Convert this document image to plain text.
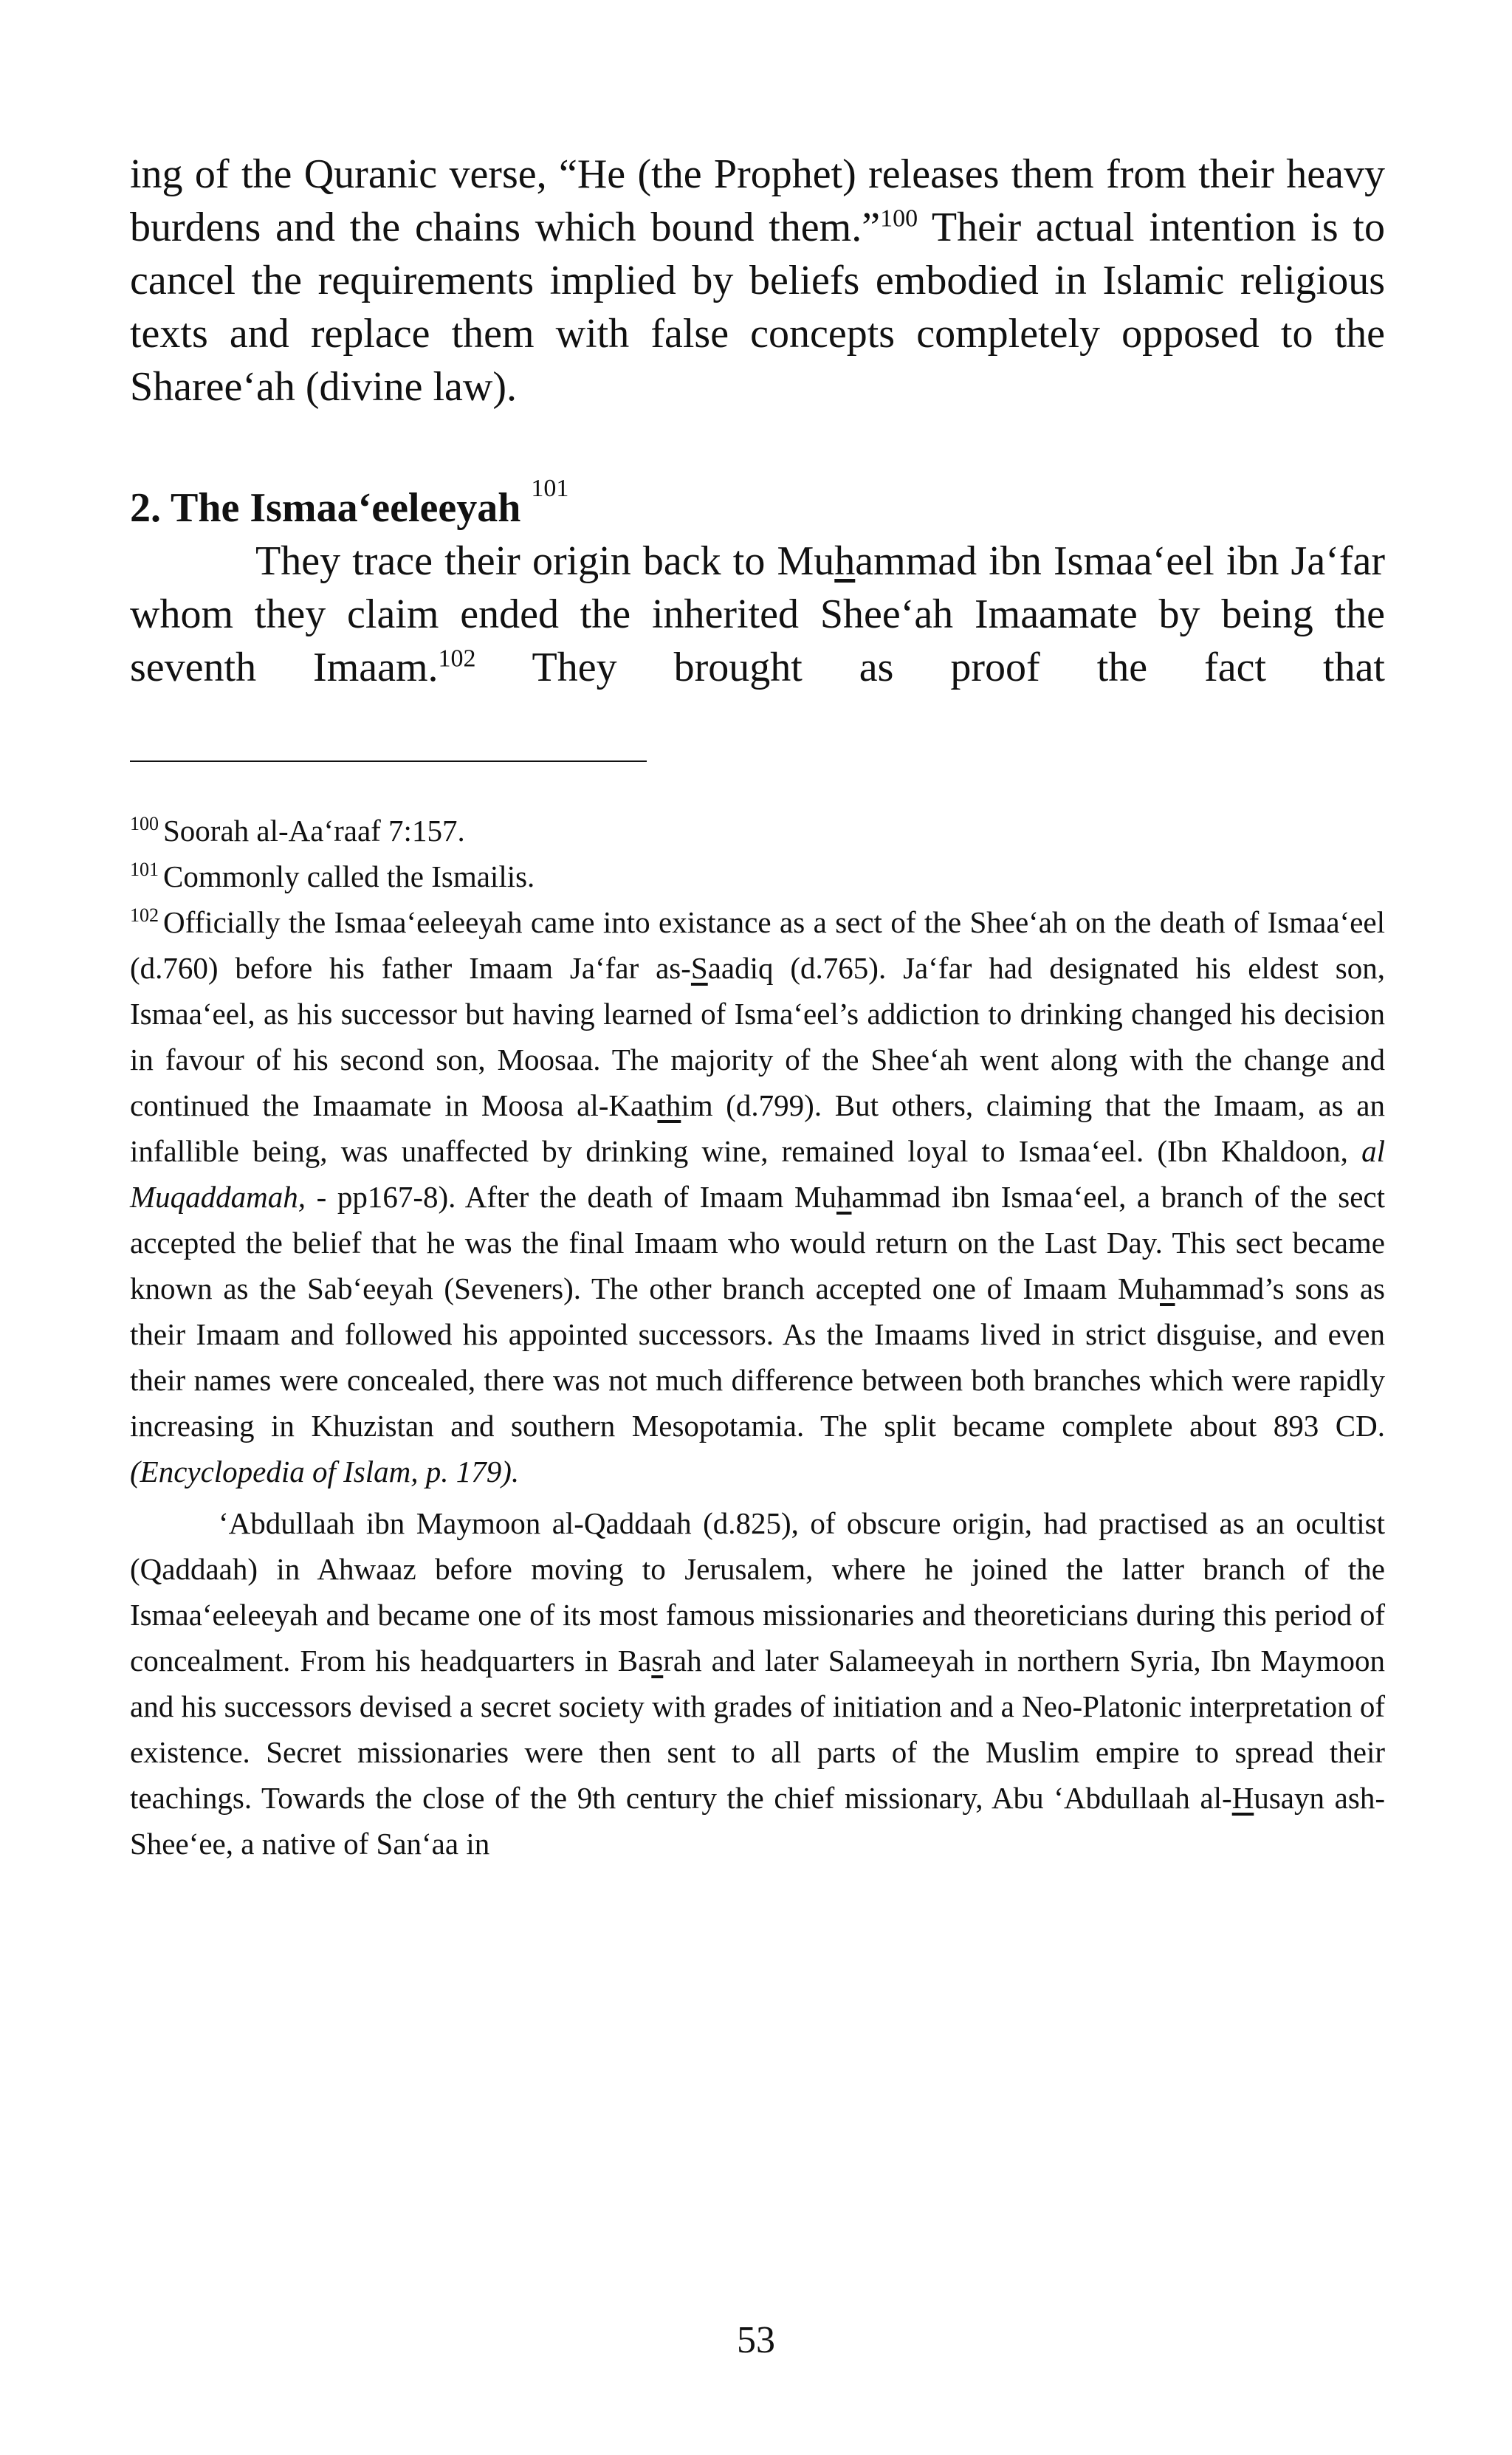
ing of the Quranic verse, “He (the Prophet) releases them from their heavy burdens and the chains which bound them.”$^{100}$ Their actual intention is to cancel the requirements implied by beliefs embodied in Islamic religious texts and replace them with false concepts completely opposed to the Sharee‘ah (divine law).

2. The Ismaa‘eeleeyah $^{101}$

They trace their origin back to Muhammad ibn Ismaa‘eel ibn Ja‘far whom they claim ended the inherited Shee‘ah Imaamate by being the seventh Imaam.$^{102}$ They brought as proof the fact that

$^{100}$ Soorah al-Aa‘raaf 7:157.

$^{101}$ Commonly called the Ismailis.

$^{102}$ Officially the Ismaa‘eeleeyah came into existance as a sect of the Shee‘ah on the death of Ismaa‘eel (d.760) before his father Imaam Ja‘far as-Saadiq (d.765). Ja‘far had designated his eldest son, Ismaa‘eel, as his successor but having learned of Isma‘eel’s addiction to drinking changed his decision in favour of his second son, Moosaa. The majority of the Shee‘ah went along with the change and continued the Imaamate in Moosa al-Kaathim (d.799). But others, claiming that the Imaam, as an infallible being, was unaffected by drinking wine, remained loyal to Ismaa‘eel. (Ibn Khaldoon, al Muqaddamah, - pp167-8). After the death of Imaam Muhammad ibn Ismaa‘eel, a branch of the sect accepted the belief that he was the final Imaam who would return on the Last Day. This sect became known as the Sab‘eeyah (Seveners). The other branch accepted one of Imaam Muhammad’s sons as their Imaam and followed his appointed successors. As the Imaams lived in strict disguise, and even their names were concealed, there was not much difference between both branches which were rapidly increasing in Khuzistan and southern Mesopotamia. The split became complete about 893 CD. (Encyclopedia of Islam, p. 179).

‘Abdullaah ibn Maymoon al-Qaddaah (d.825), of obscure origin, had practised as an ocultist (Qaddaah) in Ahwaaz before moving to Jerusalem, where he joined the latter branch of the Ismaa‘eeleeyah and became one of its most famous missionaries and theoreticians during this period of concealment. From his headquarters in Basrah and later Salameeyah in northern Syria, Ibn Maymoon and his successors devised a secret society with grades of initiation and a Neo-Platonic interpretation of existence. Secret missionaries were then sent to all parts of the Muslim empire to spread their teachings. Towards the close of the 9th century the chief missionary, Abu ‘Abdullaah al-Husayn ash-Shee‘ee, a native of San‘aa in

53
